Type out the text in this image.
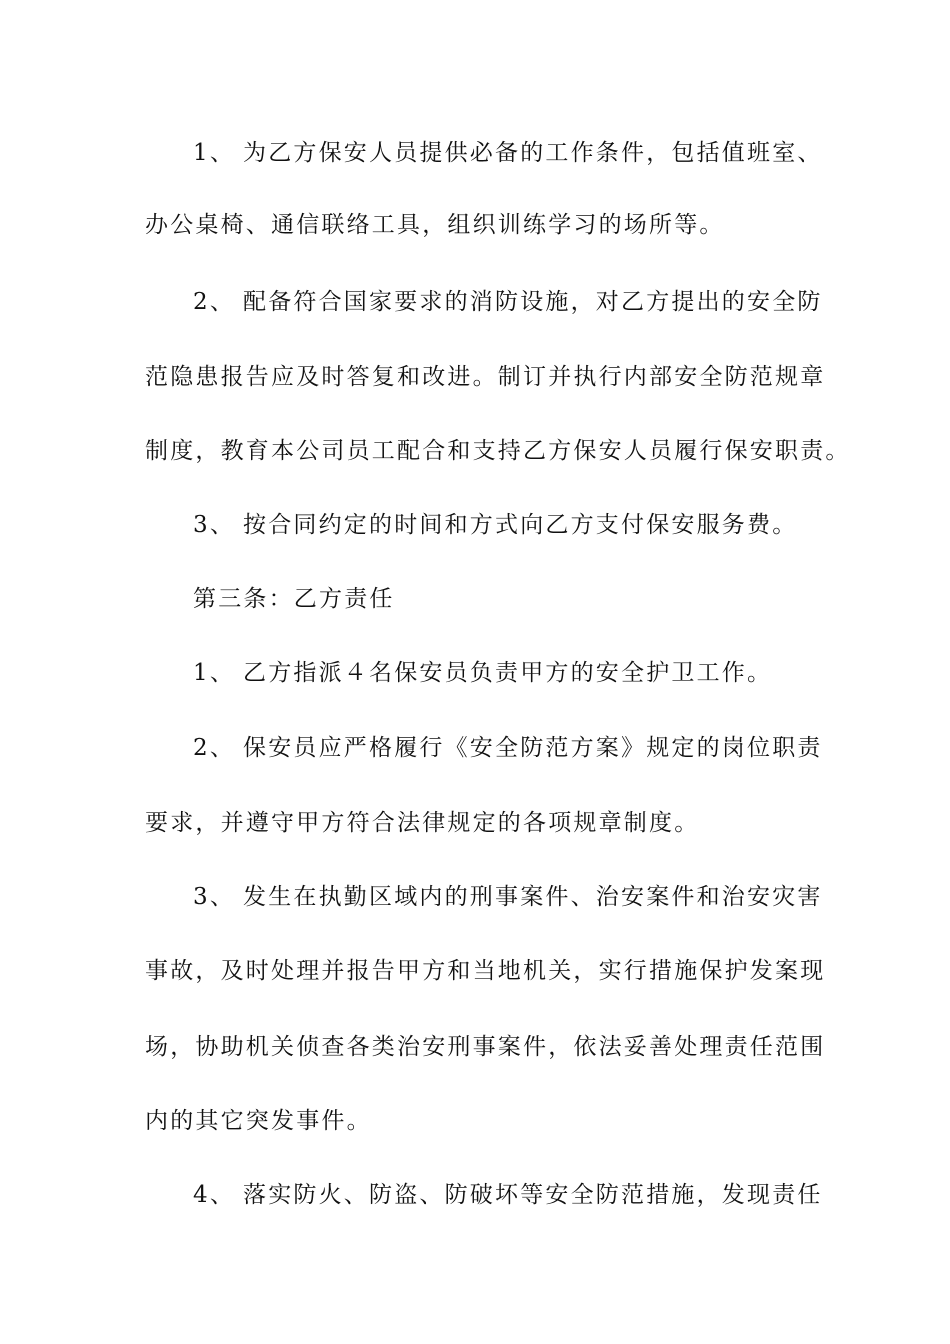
1、 为乙方保安人员提供必备的工作条件，包括值班室、
办公桌椅、通信联络工具，组织训练学习的场所等。
2、 配备符合国家要求的消防设施，对乙方提出的安全防
范隐患报告应及时答复和改进。制订并执行内部安全防范规章
制度，教育本公司员工配合和支持乙方保安人员履行保安职责。
3、 按合同约定的时间和方式向乙方支付保安服务费。
第三条：乙方责任
1、 乙方指派４名保安员负责甲方的安全护卫工作。
2、 保安员应严格履行《安全防范方案》规定的岗位职责
要求，并遵守甲方符合法律规定的各项规章制度。
3、 发生在执勤区域内的刑事案件、治安案件和治安灾害
事故，及时处理并报告甲方和当地机关，实行措施保护发案现
场，协助机关侦查各类治安刑事案件，依法妥善处理责任范围
内的其它突发事件。
4、 落实防火、防盗、防破坏等安全防范措施，发现责任
